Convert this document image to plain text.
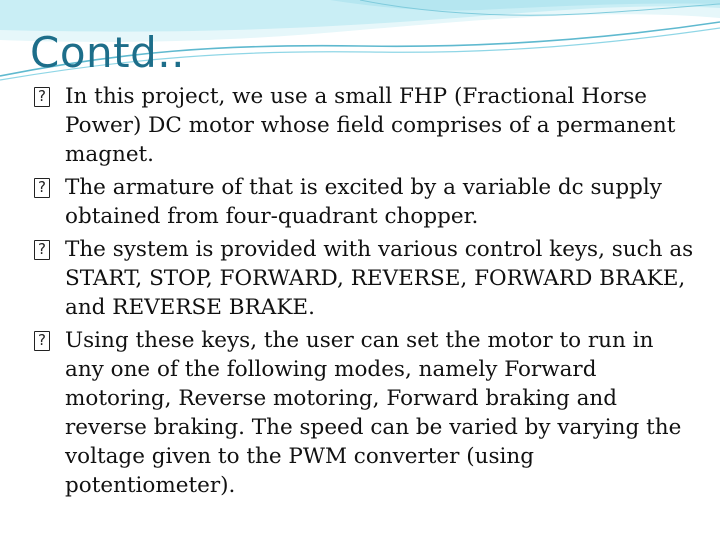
Contd..
? In this project, we use a small FHP (Fractional Horse Power) DC motor whose field comprises of a permanent magnet.
? The armature of that is excited by a variable dc supply obtained from four-quadrant chopper.
? The system is provided with various control keys, such as START, STOP, FORWARD, REVERSE, FORWARD BRAKE, and REVERSE BRAKE.
? Using these keys, the user can set the motor to run in any one of the following modes, namely Forward motoring, Reverse motoring, Forward braking and reverse braking. The speed can be varied by varying the voltage given to the PWM converter (using potentiometer).
